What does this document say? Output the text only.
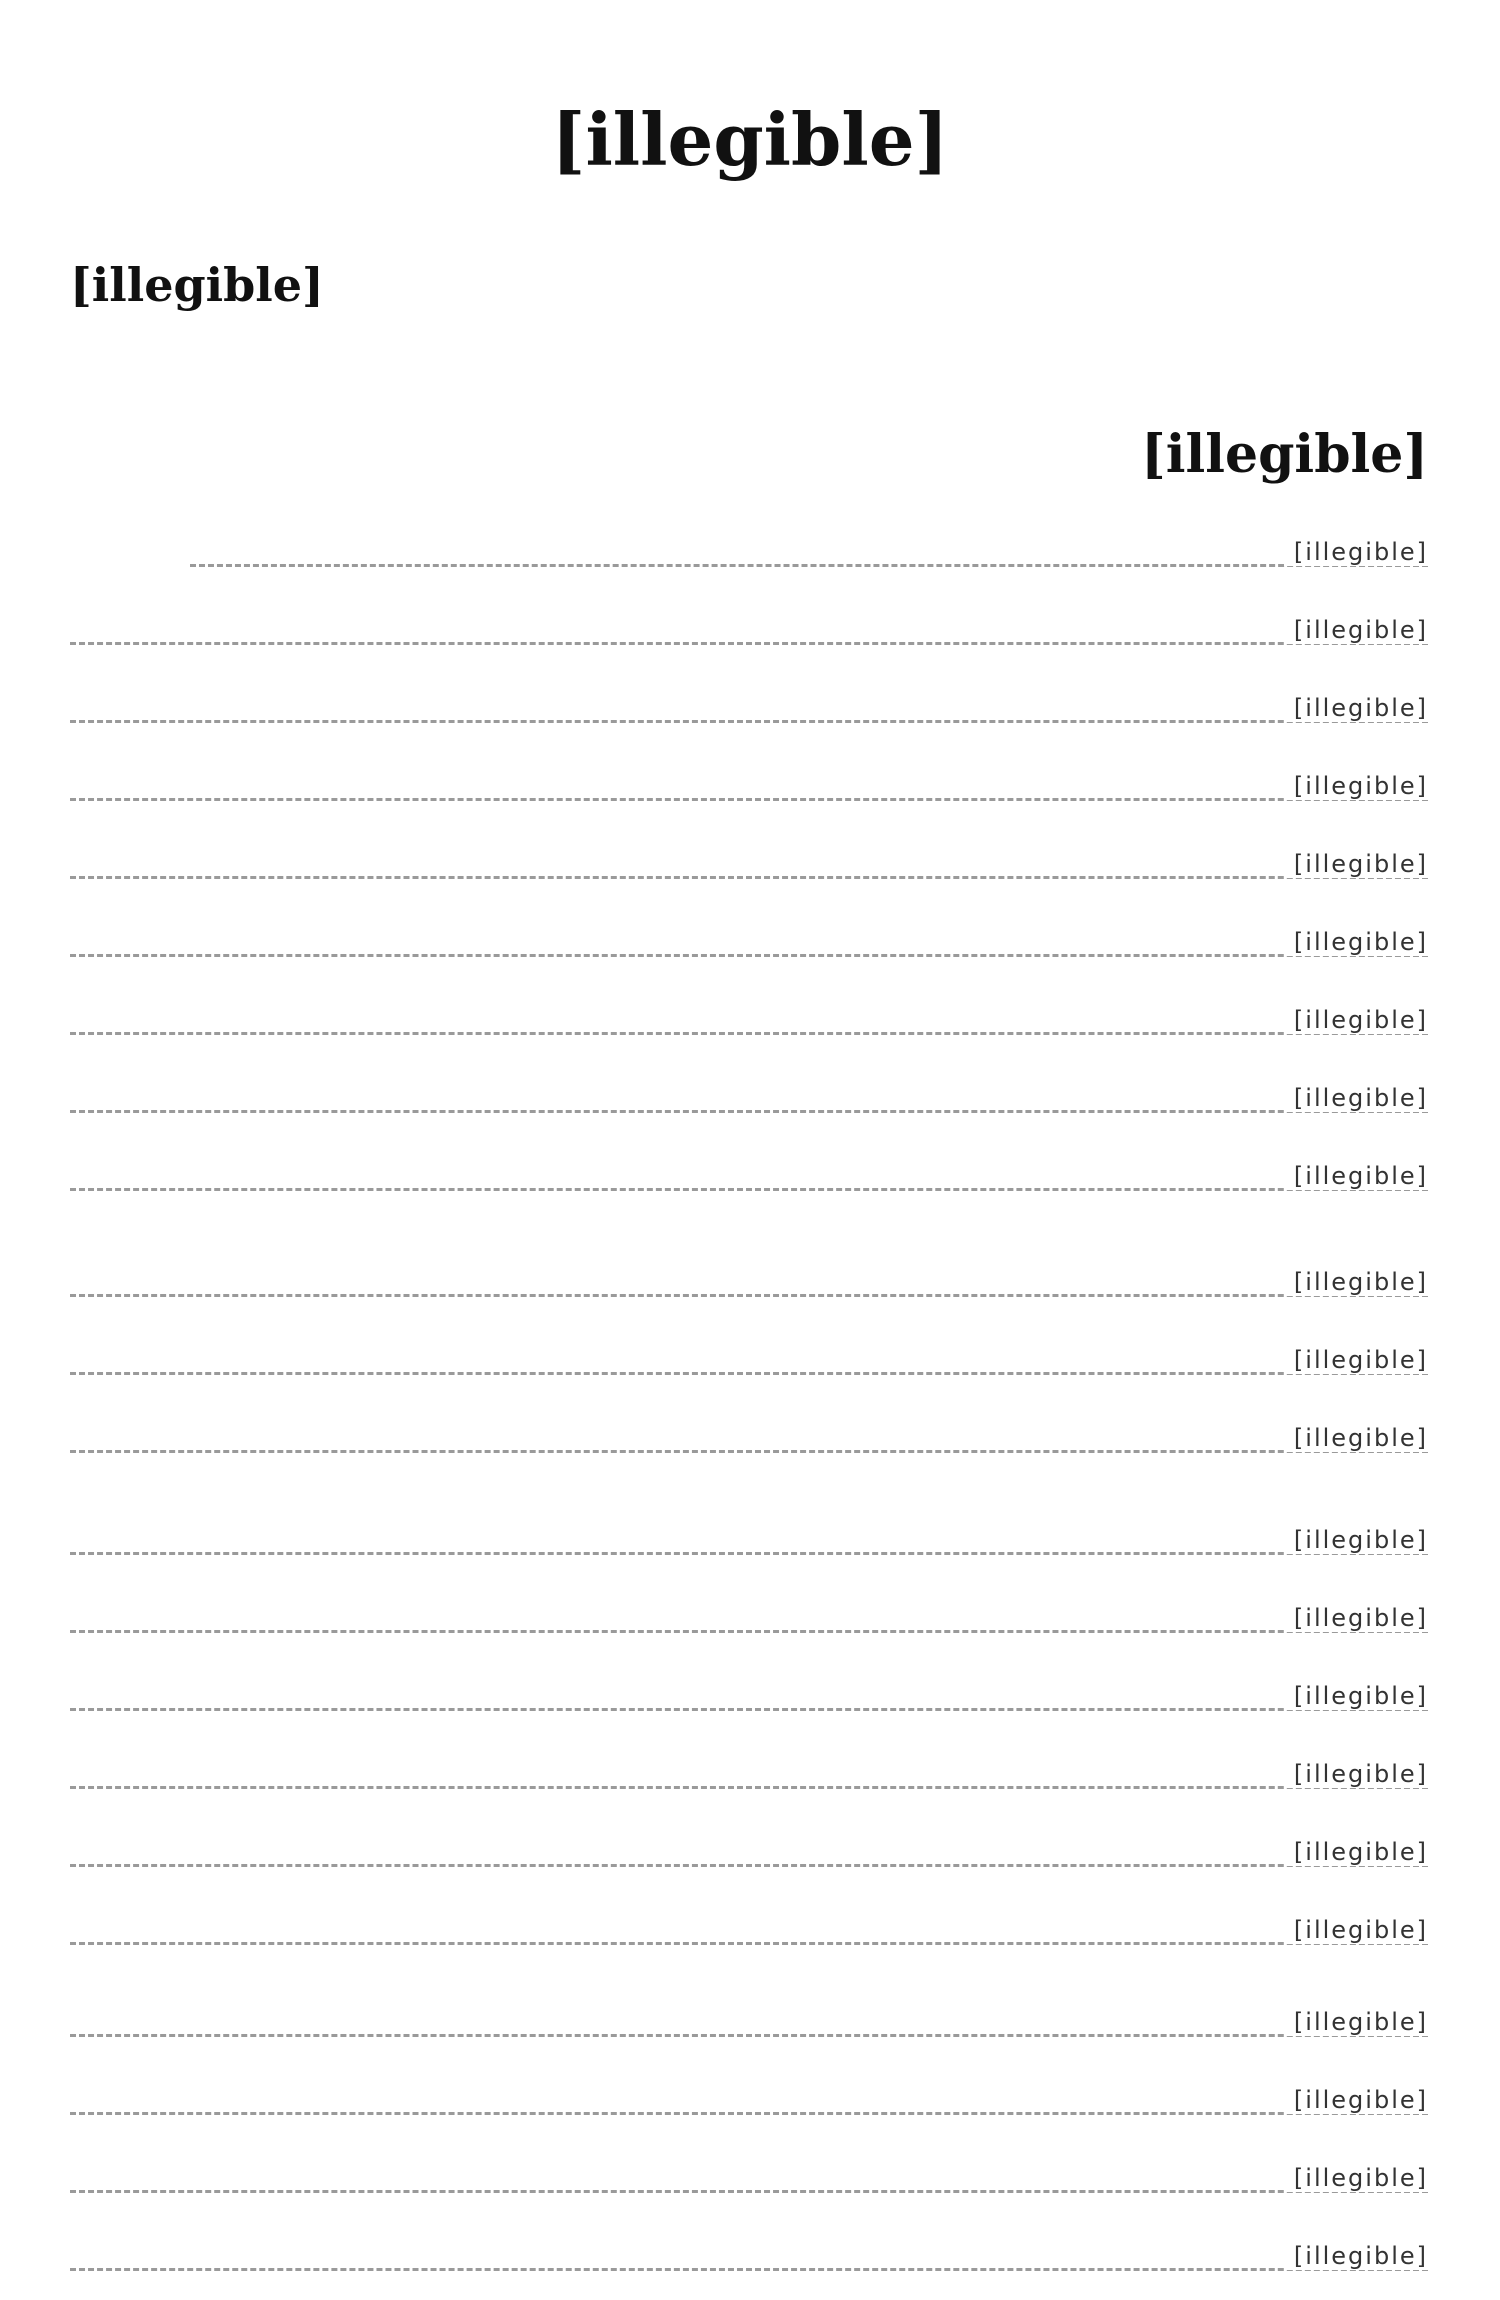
[illegible]
[illegible]
[illegible]
[illegible]
[illegible]
[illegible]
[illegible]
[illegible]
[illegible]
[illegible]
[illegible]
[illegible]
[illegible]
[illegible]
[illegible]
[illegible]
[illegible]
[illegible]
[illegible]
[illegible]
[illegible]
[illegible]
[illegible]
[illegible]
[illegible]
